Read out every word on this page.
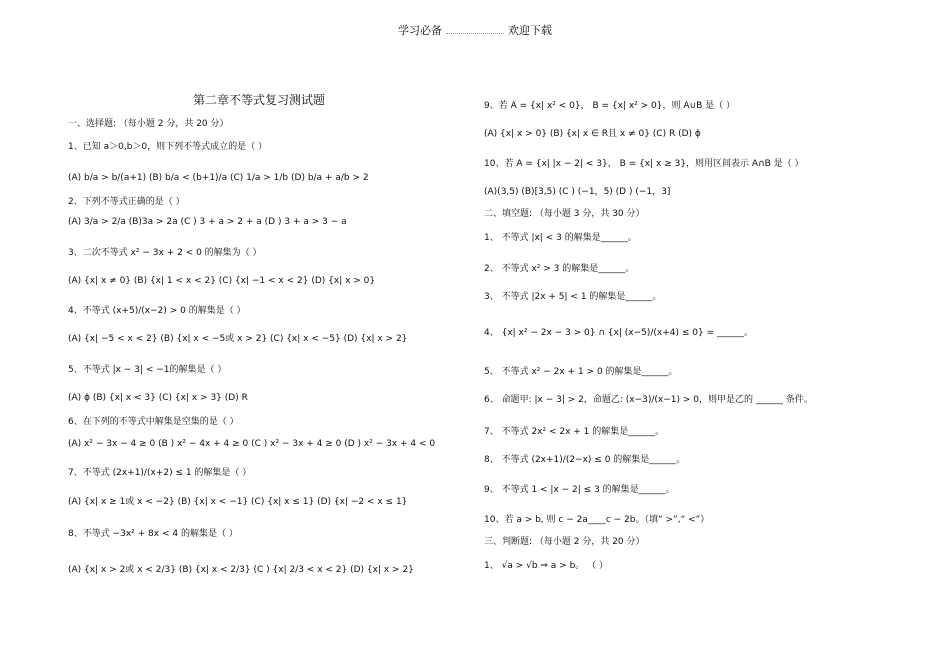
学习必备	欢迎下载
第二章不等式复习测试题
一、选择题: （每小题 2 分，共 20 分）
1、已知 a＞0,b＞0，则下列不等式成立的是（ ）
(A) b/a > b/(a+1) (B) b/a < (b+1)/a (C) 1/a > 1/b (D) b/a + a/b > 2
2、下列不等式正确的是（ ）
(A) 3/a > 2/a (B)3a > 2a (C ) 3 + a > 2 + a (D ) 3 + a > 3 − a
3、二次不等式 x² − 3x + 2 < 0 的解集为（ ）
(A) {x| x ≠ 0} (B) {x| 1 < x < 2} (C) {x| −1 < x < 2} (D) {x| x > 0}
4、不等式 (x+5)/(x−2) > 0 的解集是（ ）
(A) {x| −5 < x < 2} (B) {x| x < −5或 x > 2} (C) {x| x < −5} (D) {x| x > 2}
5、不等式 |x − 3| < −1的解集是（ ）
(A) ϕ (B) {x| x < 3} (C) {x| x > 3} (D) R
6、在下列的不等式中解集是空集的是（ ）
(A) x² − 3x − 4 ≥ 0 (B ) x² − 4x + 4 ≥ 0 (C ) x² − 3x + 4 ≥ 0 (D ) x² − 3x + 4 < 0
7、不等式 (2x+1)/(x+2) ≤ 1 的解集是（ ）
(A) {x| x ≥ 1或 x < −2} (B) {x| x < −1} (C) {x| x ≤ 1} (D) {x| −2 < x ≤ 1}
8、不等式 −3x² + 8x < 4 的解集是（ ）
(A) {x| x > 2或 x < 2/3} (B) {x| x < 2/3} (C ) {x| 2/3 < x < 2} (D) {x| x > 2}
9、若 A = {x| x² < 0}， B = {x| x² > 0}，则 A∪B 是（ ）
(A) {x| x > 0} (B) {x| x ∈ R且 x ≠ 0} (C) R (D) ϕ
10、若 A = {x| |x − 2| < 3}， B = {x| x ≥ 3}，则用区间表示 A∩B 是（ ）
(A)(3,5) (B)[3,5) (C ) (−1，5) (D ) (−1，3]
二、填空题: （每小题 3 分，共 30 分）
1、 不等式 |x| < 3 的解集是______。
2、 不等式 x² > 3 的解集是______。
3、 不等式 |2x + 5| < 1 的解集是______。
4、 {x| x² − 2x − 3 > 0} ∩ {x| (x−5)/(x+4) ≤ 0} = ______。
5、 不等式 x² − 2x + 1 > 0 的解集是______。
6、 命题甲: |x − 3| > 2，命题乙: (x−3)/(x−1) > 0，则甲是乙的 ______ 条件。
7、 不等式 2x² < 2x + 1 的解集是______。
8、 不等式 (2x+1)/(2−x) ≤ 0 的解集是______。
9、 不等式 1 < |x − 2| ≤ 3 的解集是______。
10、若 a > b, 则 c − 2a____c − 2b。（填“ >”,“ <”）
三、判断题: （每小题 2 分，共 20 分）
1、 √a > √b ⇒ a > b。 （ ）
